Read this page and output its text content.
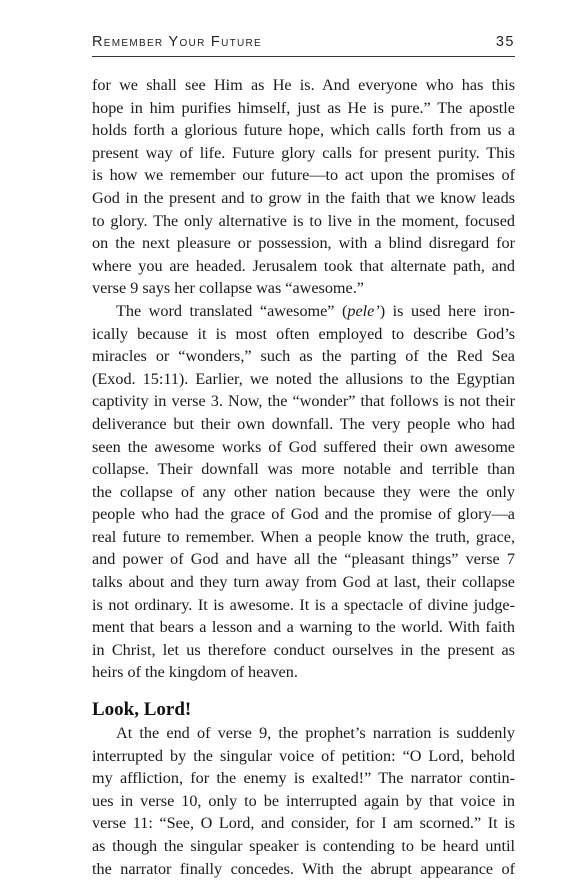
Remember Your Future	35
for we shall see Him as He is. And everyone who has this
hope in him purifies himself, just as He is pure.” The apostle
holds forth a glorious future hope, which calls forth from us a
present way of life. Future glory calls for present purity. This
is how we remember our future—to act upon the promises of
God in the present and to grow in the faith that we know leads
to glory. The only alternative is to live in the moment, focused
on the next pleasure or possession, with a blind disregard for
where you are headed. Jerusalem took that alternate path, and
verse 9 says her collapse was “awesome.”
The word translated “awesome” (pele’) is used here iron-
ically because it is most often employed to describe God’s
miracles or “wonders,” such as the parting of the Red Sea
(Exod. 15:11). Earlier, we noted the allusions to the Egyptian
captivity in verse 3. Now, the “wonder” that follows is not their
deliverance but their own downfall. The very people who had
seen the awesome works of God suffered their own awesome
collapse. Their downfall was more notable and terrible than
the collapse of any other nation because they were the only
people who had the grace of God and the promise of glory—a
real future to remember. When a people know the truth, grace,
and power of God and have all the “pleasant things” verse 7
talks about and they turn away from God at last, their collapse
is not ordinary. It is awesome. It is a spectacle of divine judge-
ment that bears a lesson and a warning to the world. With faith
in Christ, let us therefore conduct ourselves in the present as
heirs of the kingdom of heaven.
Look, Lord!
At the end of verse 9, the prophet’s narration is suddenly
interrupted by the singular voice of petition: “O Lord, behold
my affliction, for the enemy is exalted!” The narrator contin-
ues in verse 10, only to be interrupted again by that voice in
verse 11: “See, O Lord, and consider, for I am scorned.” It is
as though the singular speaker is contending to be heard until
the narrator finally concedes. With the abrupt appearance of
